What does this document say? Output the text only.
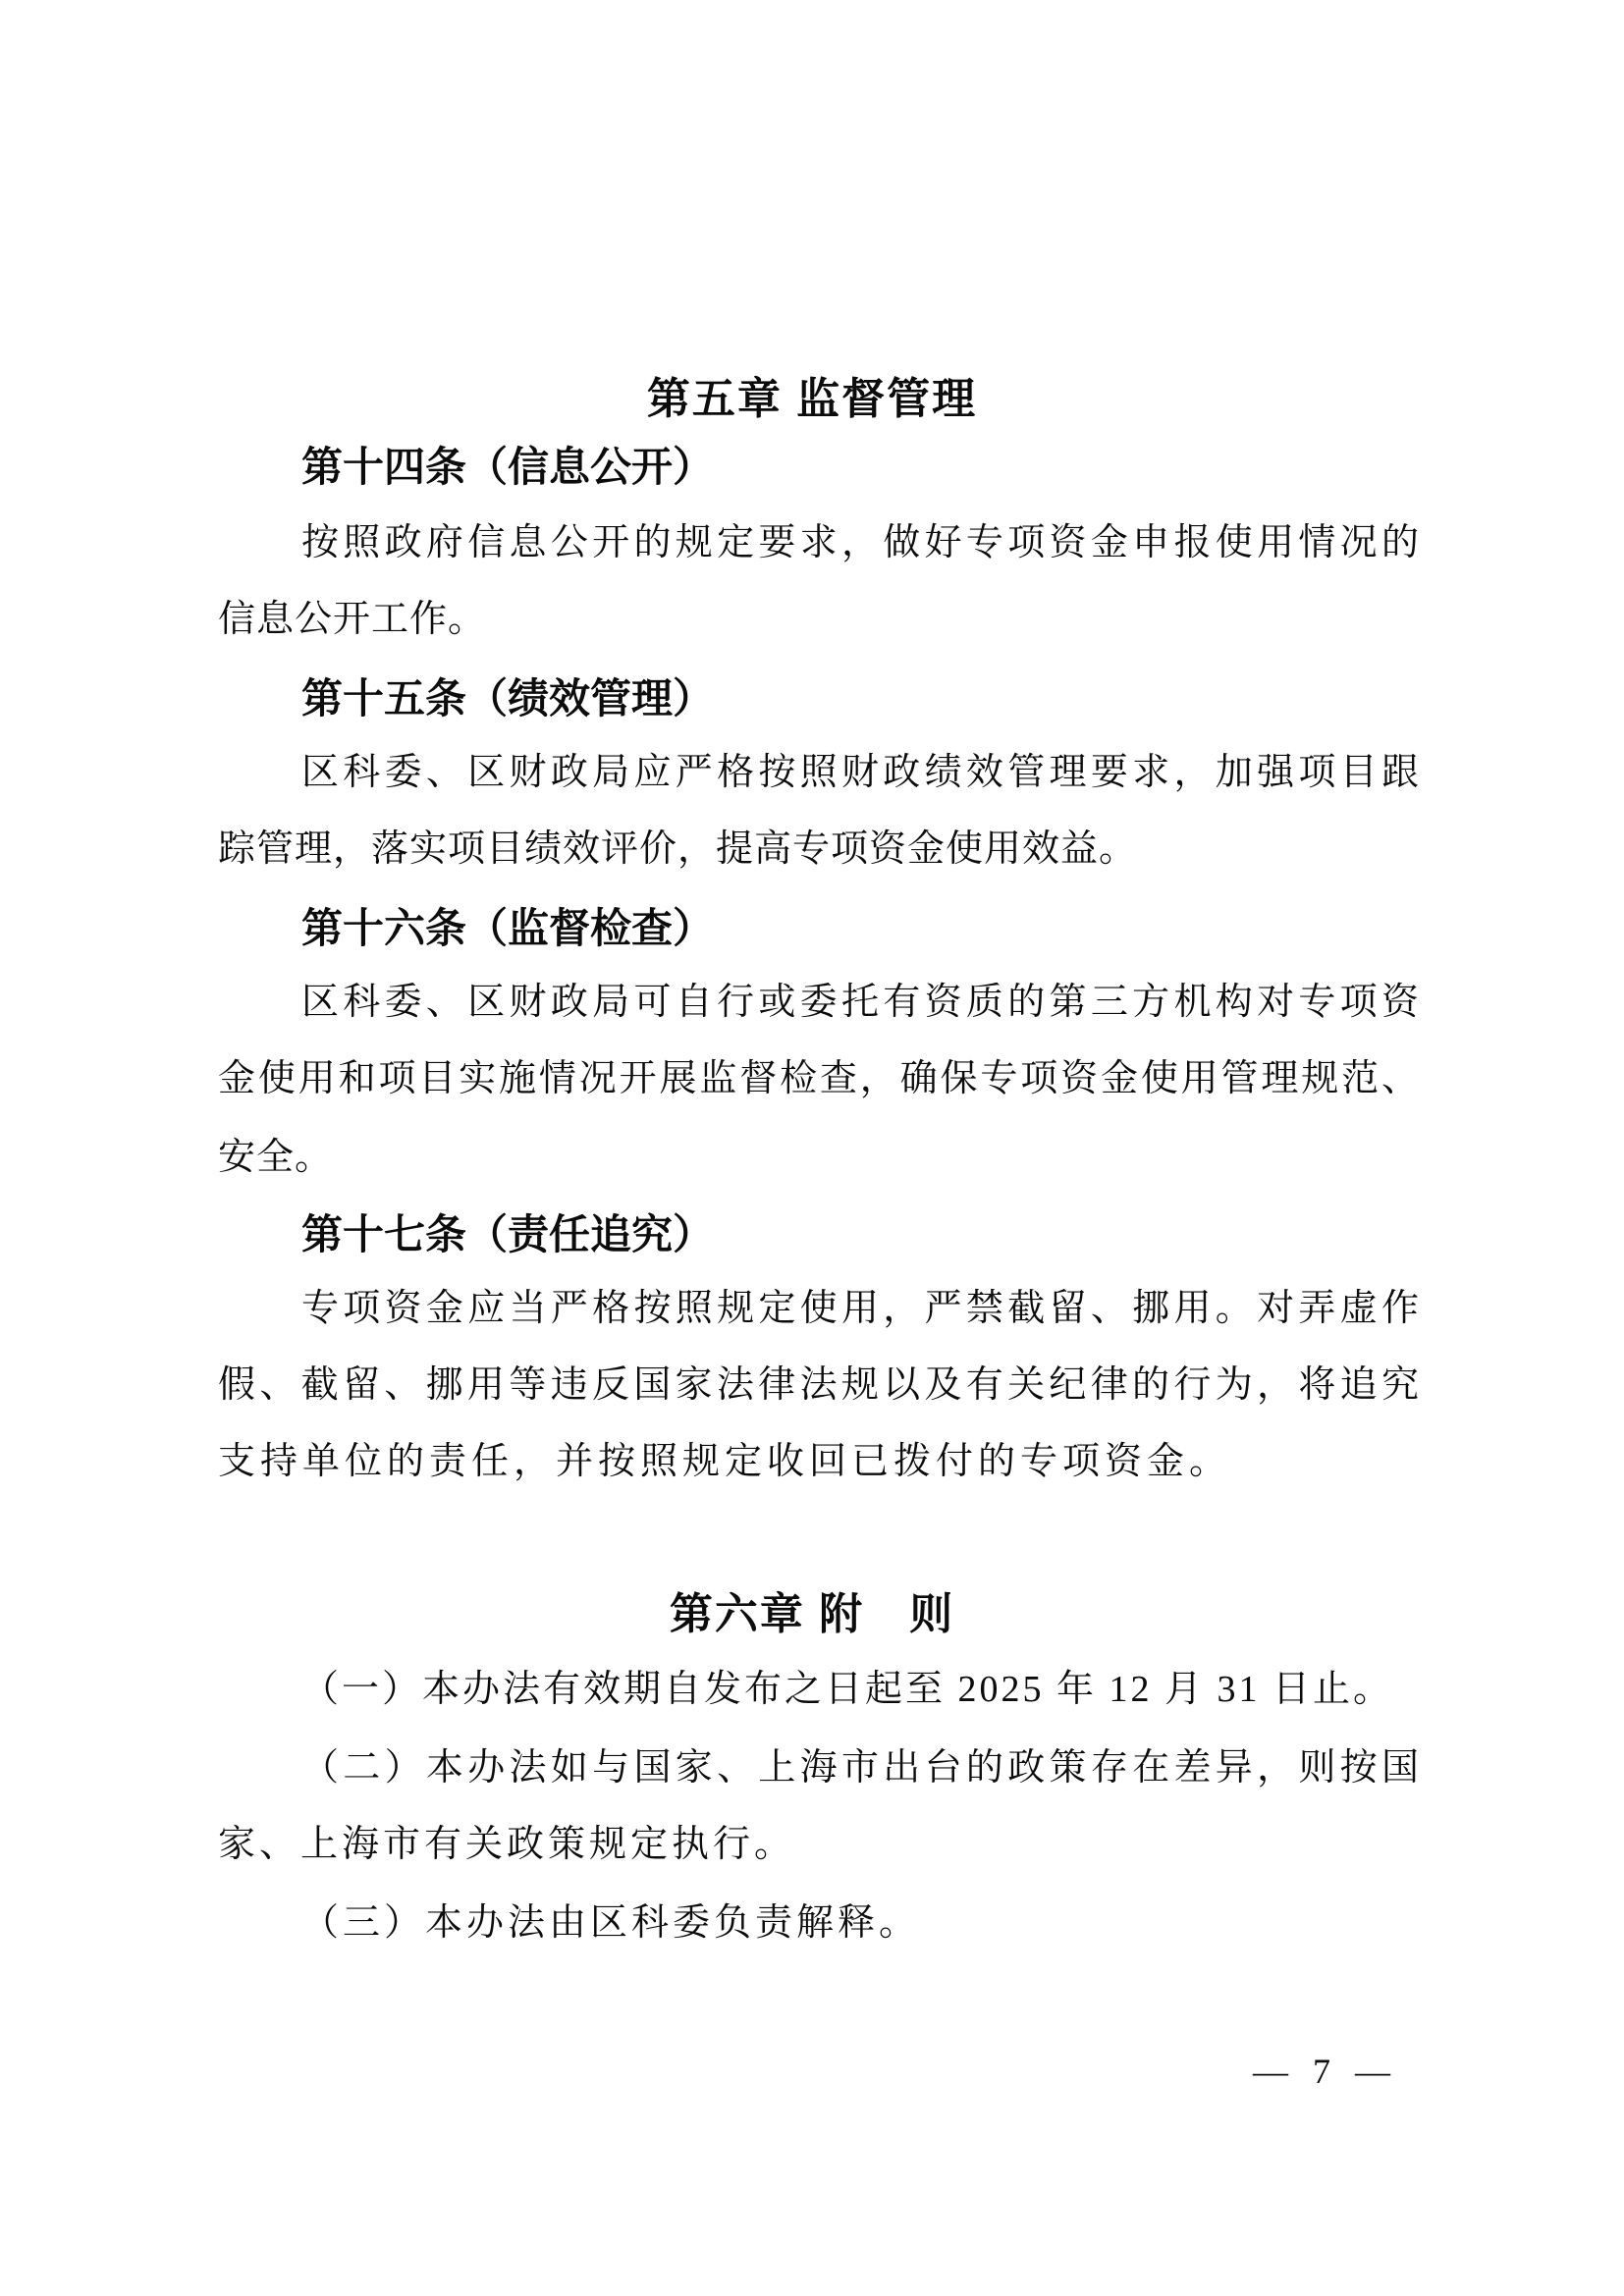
第五章 监督管理
第十四条（信息公开）
按照政府信息公开的规定要求，做好专项资金申报使用情况的
信息公开工作。
第十五条（绩效管理）
区科委、区财政局应严格按照财政绩效管理要求，加强项目跟
踪管理，落实项目绩效评价，提高专项资金使用效益。
第十六条（监督检查）
区科委、区财政局可自行或委托有资质的第三方机构对专项资
金使用和项目实施情况开展监督检查，确保专项资金使用管理规范、
安全。
第十七条（责任追究）
专项资金应当严格按照规定使用，严禁截留、挪用。对弄虚作
假、截留、挪用等违反国家法律法规以及有关纪律的行为，将追究
支持单位的责任，并按照规定收回已拨付的专项资金。
第六章 附　则
（一）本办法有效期自发布之日起至 2025 年 12 月 31 日止。
（二）本办法如与国家、上海市出台的政策存在差异，则按国
家、上海市有关政策规定执行。
（三）本办法由区科委负责解释。
— 7 —
